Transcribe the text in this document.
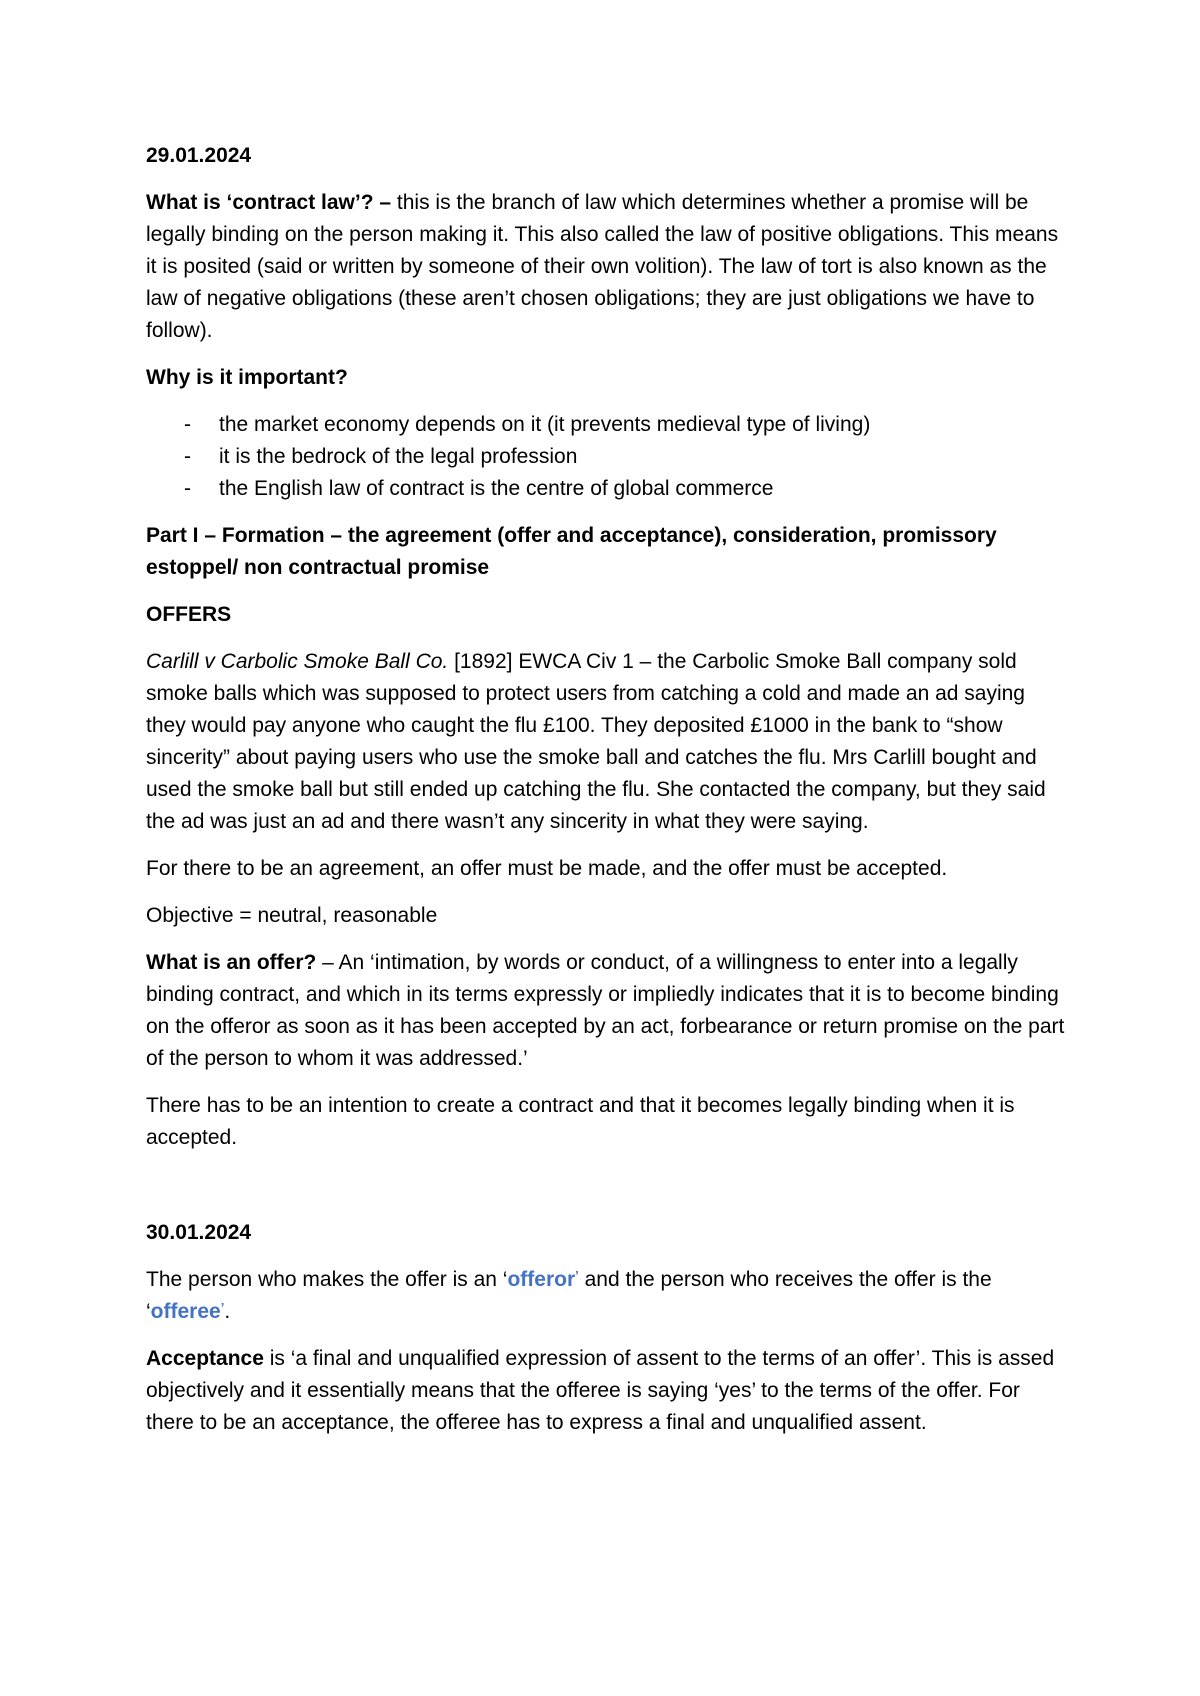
29.01.2024

What is ‘contract law’? – this is the branch of law which determines whether a promise will be legally binding on the person making it. This also called the law of positive obligations. This means it is posited (said or written by someone of their own volition). The law of tort is also known as the law of negative obligations (these aren’t chosen obligations; they are just obligations we have to follow).

Why is it important?

- the market economy depends on it (it prevents medieval type of living)
- it is the bedrock of the legal profession
- the English law of contract is the centre of global commerce

Part I – Formation – the agreement (offer and acceptance), consideration, promissory estoppel/ non contractual promise

OFFERS

Carlill v Carbolic Smoke Ball Co. [1892] EWCA Civ 1 – the Carbolic Smoke Ball company sold smoke balls which was supposed to protect users from catching a cold and made an ad saying they would pay anyone who caught the flu £100. They deposited £1000 in the bank to “show sincerity” about paying users who use the smoke ball and catches the flu. Mrs Carlill bought and used the smoke ball but still ended up catching the flu. She contacted the company, but they said the ad was just an ad and there wasn’t any sincerity in what they were saying.

For there to be an agreement, an offer must be made, and the offer must be accepted.

Objective = neutral, reasonable

What is an offer? – An ‘intimation, by words or conduct, of a willingness to enter into a legally binding contract, and which in its terms expressly or impliedly indicates that it is to become binding on the offeror as soon as it has been accepted by an act, forbearance or return promise on the part of the person to whom it was addressed.’

There has to be an intention to create a contract and that it becomes legally binding when it is accepted.

30.01.2024

The person who makes the offer is an ‘offeror’ and the person who receives the offer is the ‘offeree’.

Acceptance is ‘a final and unqualified expression of assent to the terms of an offer’. This is assed objectively and it essentially means that the offeree is saying ‘yes’ to the terms of the offer. For there to be an acceptance, the offeree has to express a final and unqualified assent.
